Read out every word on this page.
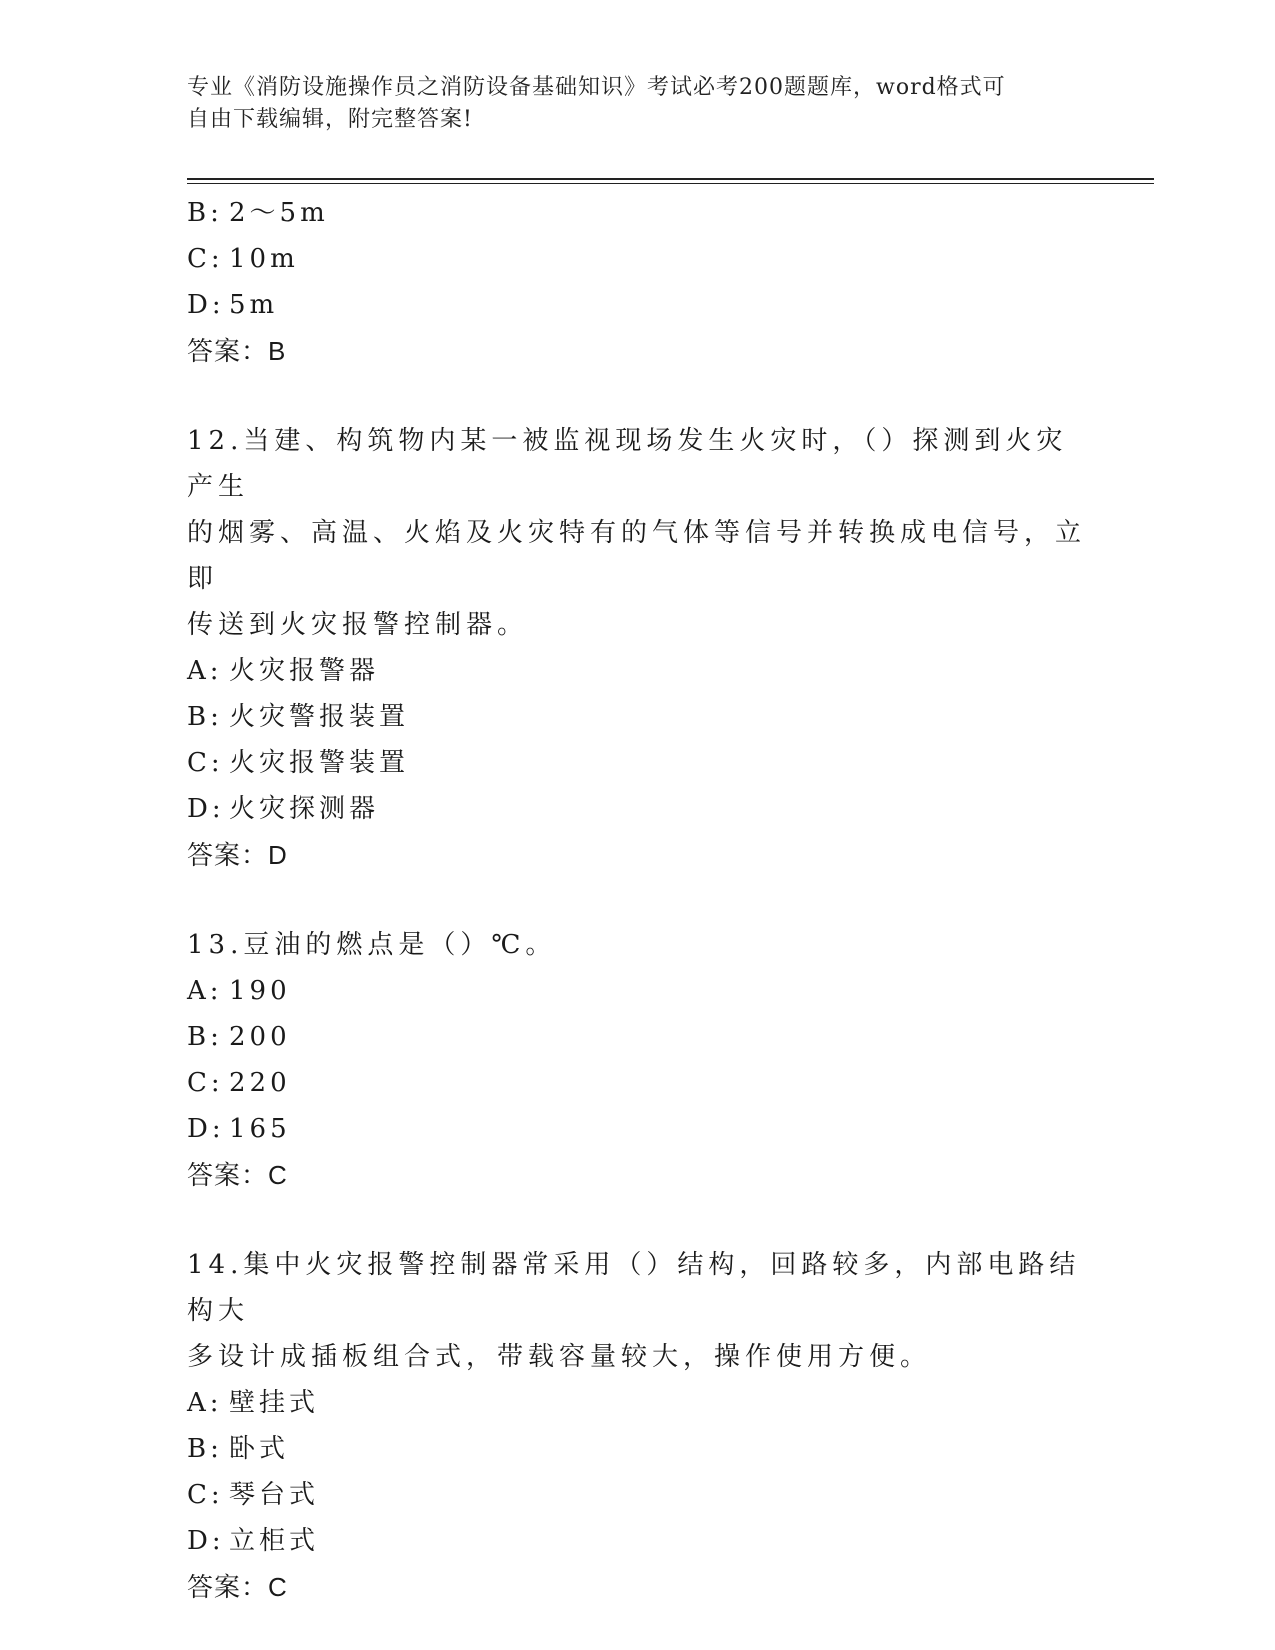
专业《消防设施操作员之消防设备基础知识》考试必考200题题库，word格式可
自由下载编辑，附完整答案!
B: 2～5m
C: 10m
D: 5m
答案：B
12.当建、构筑物内某一被监视现场发生火灾时，（）探测到火灾产生
的烟雾、高温、火焰及火灾特有的气体等信号并转换成电信号，立即
传送到火灾报警控制器。
A: 火灾报警器
B: 火灾警报装置
C: 火灾报警装置
D: 火灾探测器
答案：D
13.豆油的燃点是（）℃。
A: 190
B: 200
C: 220
D: 165
答案：C
14.集中火灾报警控制器常采用（）结构，回路较多，内部电路结构大
多设计成插板组合式，带载容量较大，操作使用方便。
A: 壁挂式
B: 卧式
C: 琴台式
D: 立柜式
答案：C
